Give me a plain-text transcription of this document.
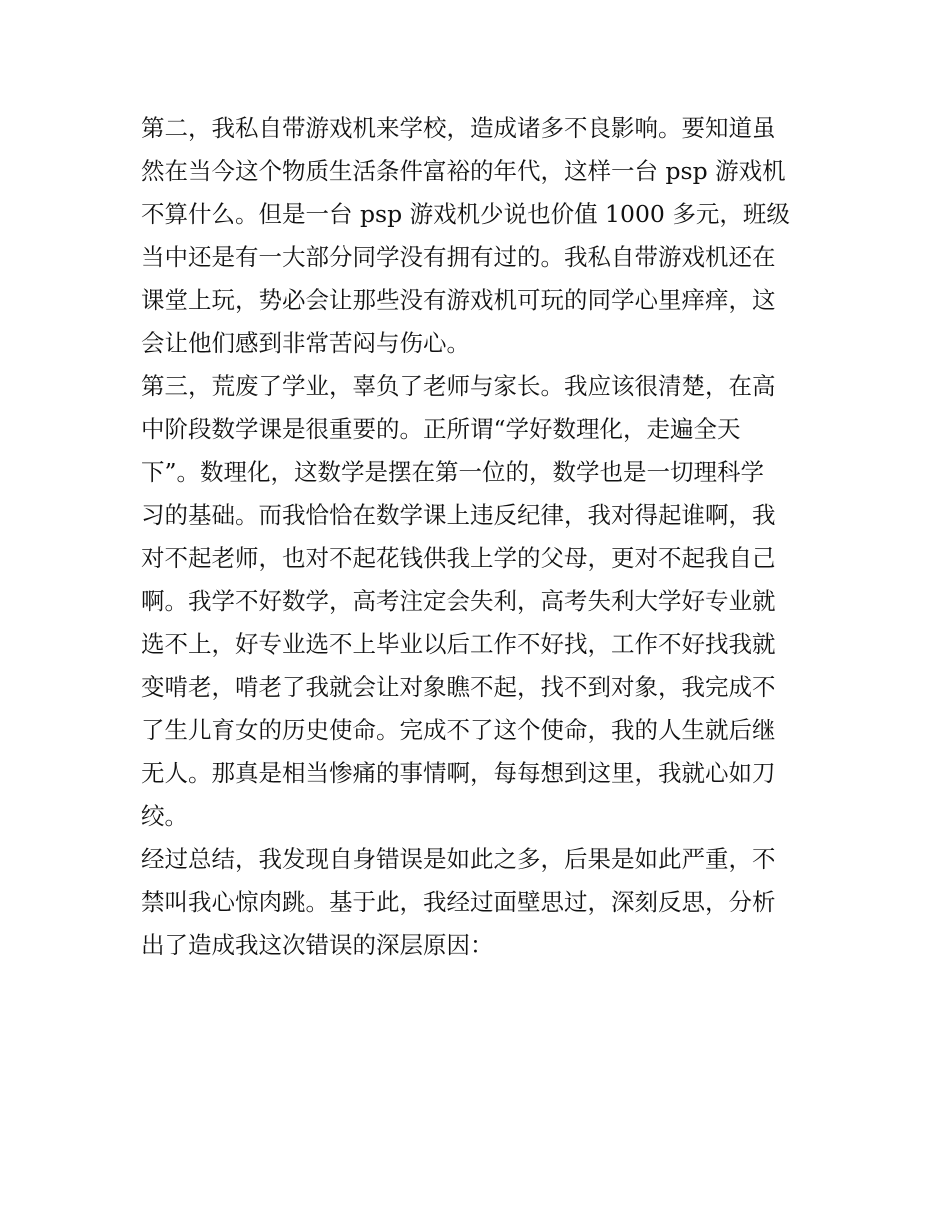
第二，我私自带游戏机来学校，造成诸多不良影响。要知道虽
然在当今这个物质生活条件富裕的年代，这样一台 psp 游戏机
不算什么。但是一台 psp 游戏机少说也价值 1000 多元，班级
当中还是有一大部分同学没有拥有过的。我私自带游戏机还在
课堂上玩，势必会让那些没有游戏机可玩的同学心里痒痒，这
会让他们感到非常苦闷与伤心。
第三，荒废了学业，辜负了老师与家长。我应该很清楚，在高
中阶段数学课是很重要的。正所谓“学好数理化，走遍全天
下”。数理化，这数学是摆在第一位的，数学也是一切理科学
习的基础。而我恰恰在数学课上违反纪律，我对得起谁啊，我
对不起老师，也对不起花钱供我上学的父母，更对不起我自己
啊。我学不好数学，高考注定会失利，高考失利大学好专业就
选不上，好专业选不上毕业以后工作不好找，工作不好找我就
变啃老，啃老了我就会让对象瞧不起，找不到对象，我完成不
了生儿育女的历史使命。完成不了这个使命，我的人生就后继
无人。那真是相当惨痛的事情啊，每每想到这里，我就心如刀
绞。
经过总结，我发现自身错误是如此之多，后果是如此严重，不
禁叫我心惊肉跳。基于此，我经过面壁思过，深刻反思，分析
出了造成我这次错误的深层原因：
